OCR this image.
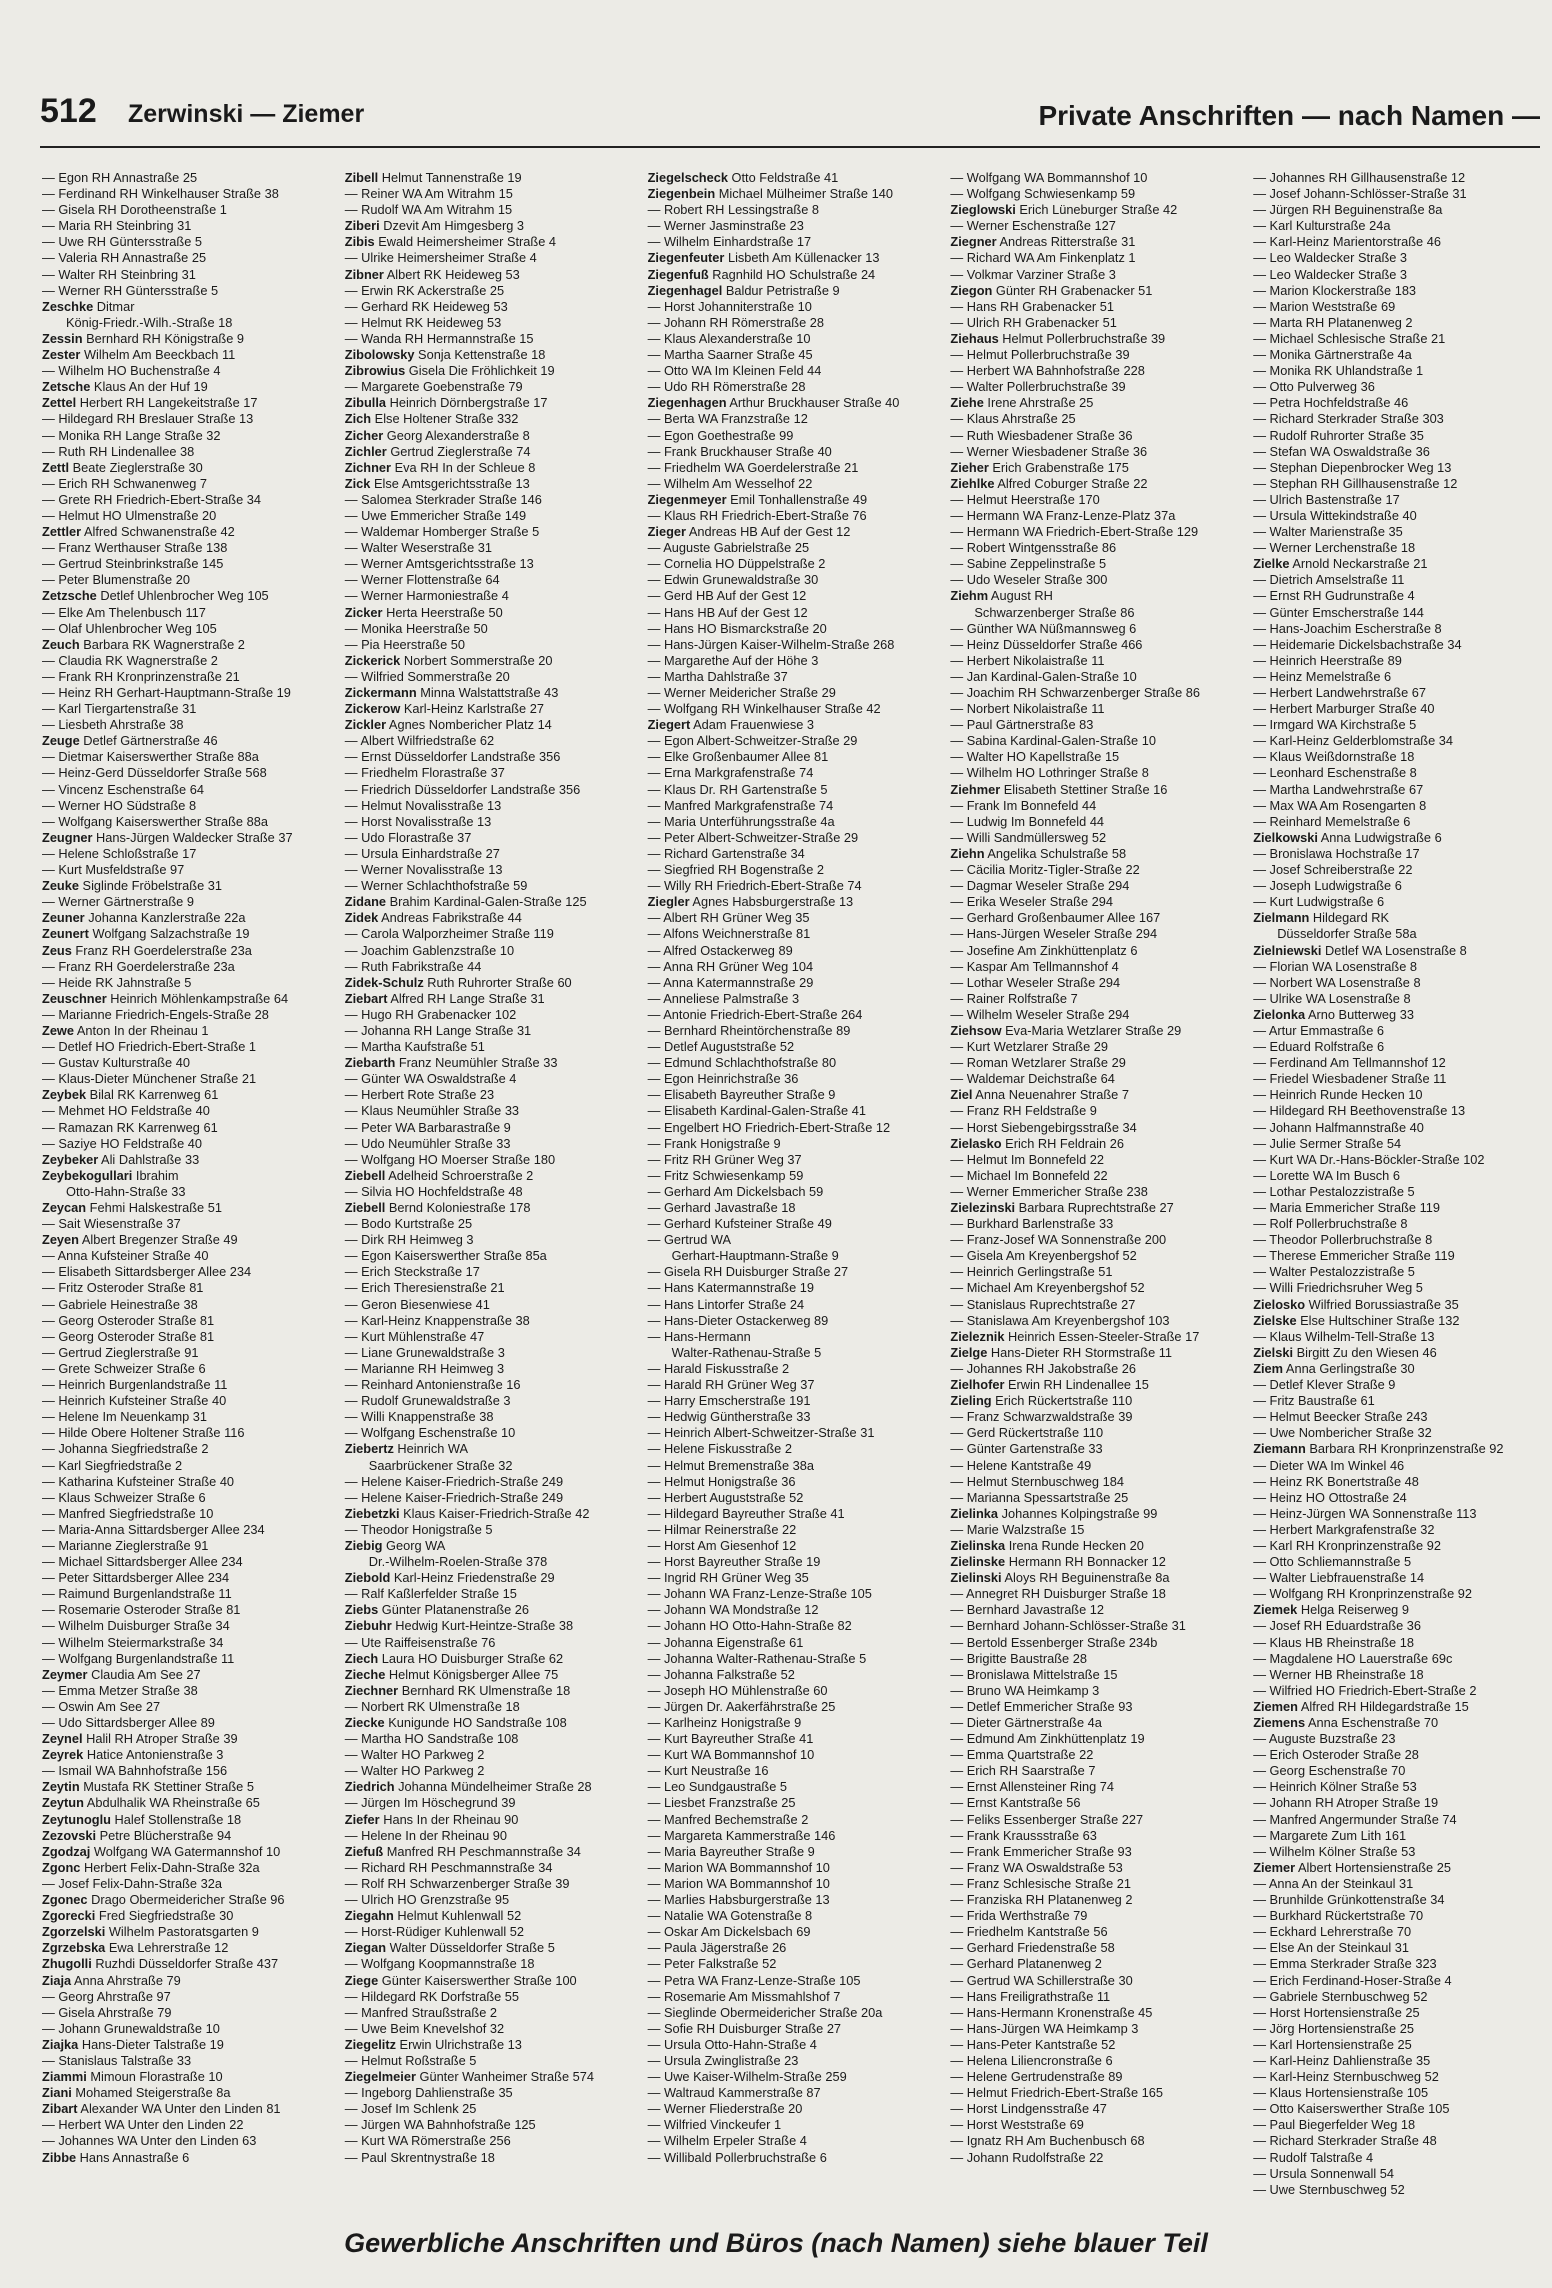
512 Zerwinski — Ziemer	Private Anschriften — nach Namen —
— Egon RH Annastraße 25
— Ferdinand RH Winkelhauser Straße 38
— Gisela RH Dorotheenstraße 1
— Maria RH Steinbring 31
— Uwe RH Güntersstraße 5
— Valeria RH Annastraße 25
— Walter RH Steinbring 31
— Werner RH Güntersstraße 5
Zeschke Ditmar
König-Friedr.-Wilh.-Straße 18
Zessin Bernhard RH Königstraße 9
Zester Wilhelm Am Beeckbach 11
— Wilhelm HO Buchenstraße 4
Zetsche Klaus An der Huf 19
Zettel Herbert RH Langekeitstraße 17
— Hildegard RH Breslauer Straße 13
— Monika RH Lange Straße 32
— Ruth RH Lindenallee 38
Zettl Beate Zieglerstraße 30
— Erich RH Schwanenweg 7
— Grete RH Friedrich-Ebert-Straße 34
— Helmut HO Ulmenstraße 20
Zettler Alfred Schwanenstraße 42
— Franz Werthauser Straße 138
— Gertrud Steinbrinkstraße 145
— Peter Blumenstraße 20
Zetzsche Detlef Uhlenbrocher Weg 105
— Elke Am Thelenbusch 117
— Olaf Uhlenbrocher Weg 105
Zeuch Barbara RK Wagnerstraße 2
— Claudia RK Wagnerstraße 2
— Frank RH Kronprinzenstraße 21
— Heinz RH Gerhart-Hauptmann-Straße 19
— Karl Tiergartenstraße 31
— Liesbeth Ahrstraße 38
Zeuge Detlef Gärtnerstraße 46
— Dietmar Kaiserswerther Straße 88a
— Heinz-Gerd Düsseldorfer Straße 568
— Vincenz Eschenstraße 64
— Werner HO Südstraße 8
— Wolfgang Kaiserswerther Straße 88a
Zeugner Hans-Jürgen Waldecker Straße 37
— Helene Schloßstraße 17
— Kurt Musfeldstraße 97
Zeuke Siglinde Fröbelstraße 31
— Werner Gärtnerstraße 9
Zeuner Johanna Kanzlerstraße 22a
Zeunert Wolfgang Salzachstraße 19
Zeus Franz RH Goerdelerstraße 23a
— Franz RH Goerdelerstraße 23a
— Heide RK Jahnstraße 5
Zeuschner Heinrich Möhlenkampstraße 64
— Marianne Friedrich-Engels-Straße 28
Zewe Anton In der Rheinau 1
— Detlef HO Friedrich-Ebert-Straße 1
— Gustav Kulturstraße 40
— Klaus-Dieter Münchener Straße 21
Zeybek Bilal RK Karrenweg 61
— Mehmet HO Feldstraße 40
— Ramazan RK Karrenweg 61
— Saziye HO Feldstraße 40
Zeybeker Ali Dahlstraße 33
Zeybekogullari Ibrahim
Otto-Hahn-Straße 33
Zeycan Fehmi Halskestraße 51
— Sait Wiesenstraße 37
Zeyen Albert Bregenzer Straße 49
— Anna Kufsteiner Straße 40
— Elisabeth Sittardsberger Allee 234
— Fritz Osteroder Straße 81
— Gabriele Heinestraße 38
— Georg Osteroder Straße 81
— Georg Osteroder Straße 81
— Gertrud Zieglerstraße 91
— Grete Schweizer Straße 6
— Heinrich Burgenlandstraße 11
— Heinrich Kufsteiner Straße 40
— Helene Im Neuenkamp 31
— Hilde Obere Holtener Straße 116
— Johanna Siegfriedstraße 2
— Karl Siegfriedstraße 2
— Katharina Kufsteiner Straße 40
— Klaus Schweizer Straße 6
— Manfred Siegfriedstraße 10
— Maria-Anna Sittardsberger Allee 234
— Marianne Zieglerstraße 91
— Michael Sittardsberger Allee 234
— Peter Sittardsberger Allee 234
— Raimund Burgenlandstraße 11
— Rosemarie Osteroder Straße 81
— Wilhelm Duisburger Straße 34
— Wilhelm Steiermarkstraße 34
— Wolfgang Burgenlandstraße 11
Zeymer Claudia Am See 27
— Emma Metzer Straße 38
— Oswin Am See 27
— Udo Sittardsberger Allee 89
Zeynel Halil RH Atroper Straße 39
Zeyrek Hatice Antonienstraße 3
— Ismail WA Bahnhofstraße 156
Zeytin Mustafa RK Stettiner Straße 5
Zeytun Abdulhalik WA Rheinstraße 65
Zeytunoglu Halef Stollenstraße 18
Zezovski Petre Blücherstraße 94
Zgodzaj Wolfgang WA Gatermannshof 10
Zgonc Herbert Felix-Dahn-Straße 32a
— Josef Felix-Dahn-Straße 32a
Zgonec Drago Obermeidericher Straße 96
Zgorecki Fred Siegfriedstraße 30
Zgorzelski Wilhelm Pastoratsgarten 9
Zgrzebska Ewa Lehrerstraße 12
Zhugolli Ruzhdi Düsseldorfer Straße 437
Ziaja Anna Ahrstraße 79
— Georg Ahrstraße 97
— Gisela Ahrstraße 79
— Johann Grunewaldstraße 10
Ziajka Hans-Dieter Talstraße 19
— Stanislaus Talstraße 33
Ziammi Mimoun Florastraße 10
Ziani Mohamed Steigerstraße 8a
Zibart Alexander WA Unter den Linden 81
— Herbert WA Unter den Linden 22
— Johannes WA Unter den Linden 63
Zibbe Hans Annastraße 6
Zibell Helmut Tannenstraße 19
— Reiner WA Am Witrahm 15
— Rudolf WA Am Witrahm 15
Ziberi Dzevit Am Himgesberg 3
Zibis Ewald Heimersheimer Straße 4
— Ulrike Heimersheimer Straße 4
Zibner Albert RK Heideweg 53
— Erwin RK Ackerstraße 25
— Gerhard RK Heideweg 53
— Helmut RK Heideweg 53
— Wanda RH Hermannstraße 15
Zibolowsky Sonja Kettenstraße 18
Zibrowius Gisela Die Fröhlichkeit 19
— Margarete Goebenstraße 79
Zibulla Heinrich Dörnbergstraße 17
Zich Else Holtener Straße 332
Zicher Georg Alexanderstraße 8
Zichler Gertrud Zieglerstraße 74
Zichner Eva RH In der Schleue 8
Zick Else Amtsgerichtsstraße 13
— Salomea Sterkrader Straße 146
— Uwe Emmericher Straße 149
— Waldemar Homberger Straße 5
— Walter Weserstraße 31
— Werner Amtsgerichtsstraße 13
— Werner Flottenstraße 64
— Werner Harmoniestraße 4
Zicker Herta Heerstraße 50
— Monika Heerstraße 50
— Pia Heerstraße 50
Zickerick Norbert Sommerstraße 20
— Wilfried Sommerstraße 20
Zickermann Minna Walstattstraße 43
Zickerow Karl-Heinz Karlstraße 27
Zickler Agnes Nombericher Platz 14
— Albert Wilfriedstraße 62
— Ernst Düsseldorfer Landstraße 356
— Friedhelm Florastraße 37
— Friedrich Düsseldorfer Landstraße 356
— Helmut Novalisstraße 13
— Horst Novalisstraße 13
— Udo Florastraße 37
— Ursula Einhardstraße 27
— Werner Novalisstraße 13
— Werner Schlachthofstraße 59
Zidane Brahim Kardinal-Galen-Straße 125
Zidek Andreas Fabrikstraße 44
— Carola Walporzheimer Straße 119
— Joachim Gablenzstraße 10
— Ruth Fabrikstraße 44
Zidek-Schulz Ruth Ruhrorter Straße 60
Ziebart Alfred RH Lange Straße 31
— Hugo RH Grabenacker 102
— Johanna RH Lange Straße 31
— Martha Kaufstraße 51
Ziebarth Franz Neumühler Straße 33
— Günter WA Oswaldstraße 4
— Herbert Rote Straße 23
— Klaus Neumühler Straße 33
— Peter WA Barbarastraße 9
— Udo Neumühler Straße 33
— Wolfgang HO Moerser Straße 180
Ziebell Adelheid Schroerstraße 2
— Silvia HO Hochfeldstraße 48
Ziebell Bernd Koloniestraße 178
— Bodo Kurtstraße 25
— Dirk RH Heimweg 3
— Egon Kaiserswerther Straße 85a
— Erich Steckstraße 17
— Erich Theresienstraße 21
— Geron Biesenwiese 41
— Karl-Heinz Knappenstraße 38
— Kurt Mühlenstraße 47
— Liane Grunewaldstraße 3
— Marianne RH Heimweg 3
— Reinhard Antonienstraße 16
— Rudolf Grunewaldstraße 3
— Willi Knappenstraße 38
— Wolfgang Eschenstraße 10
Ziebertz Heinrich WA
Saarbrückener Straße 32
— Helene Kaiser-Friedrich-Straße 249
— Helene Kaiser-Friedrich-Straße 249
Ziebetzki Klaus Kaiser-Friedrich-Straße 42
— Theodor Honigstraße 5
Ziebig Georg WA
Dr.-Wilhelm-Roelen-Straße 378
Ziebold Karl-Heinz Friedenstraße 29
— Ralf Kaßlerfelder Straße 15
Ziebs Günter Platanenstraße 26
Ziebuhr Hedwig Kurt-Heintze-Straße 38
— Ute Raiffeisenstraße 76
Ziech Laura HO Duisburger Straße 62
Zieche Helmut Königsberger Allee 75
Ziechner Bernhard RK Ulmenstraße 18
— Norbert RK Ulmenstraße 18
Ziecke Kunigunde HO Sandstraße 108
— Martha HO Sandstraße 108
— Walter HO Parkweg 2
— Walter HO Parkweg 2
Ziedrich Johanna Mündelheimer Straße 28
— Jürgen Im Höschegrund 39
Ziefer Hans In der Rheinau 90
— Helene In der Rheinau 90
Ziefuß Manfred RH Peschmannstraße 34
— Richard RH Peschmannstraße 34
— Rolf RH Schwarzenberger Straße 39
— Ulrich HO Grenzstraße 95
Ziegahn Helmut Kuhlenwall 52
— Horst-Rüdiger Kuhlenwall 52
Ziegan Walter Düsseldorfer Straße 5
— Wolfgang Koopmannstraße 18
Ziege Günter Kaiserswerther Straße 100
— Hildegard RK Dorfstraße 55
— Manfred Straußstraße 2
— Uwe Beim Knevelshof 32
Ziegelitz Erwin Ulrichstraße 13
— Helmut Roßstraße 5
Ziegelmeier Günter Wanheimer Straße 574
— Ingeborg Dahlienstraße 35
— Josef Im Schlenk 25
— Jürgen WA Bahnhofstraße 125
— Kurt WA Römerstraße 256
— Paul Skrentnystraße 18
Ziegelscheck Otto Feldstraße 41
Ziegenbein Michael Mülheimer Straße 140
— Robert RH Lessingstraße 8
— Werner Jasminstraße 23
— Wilhelm Einhardstraße 17
Ziegenfeuter Lisbeth Am Küllenacker 13
Ziegenfuß Ragnhild HO Schulstraße 24
Ziegenhagel Baldur Petristraße 9
— Horst Johanniterstraße 10
— Johann RH Römerstraße 28
— Klaus Alexanderstraße 10
— Martha Saarner Straße 45
— Otto WA Im Kleinen Feld 44
— Udo RH Römerstraße 28
Ziegenhagen Arthur Bruckhauser Straße 40
— Berta WA Franzstraße 12
— Egon Goethestraße 99
— Frank Bruckhauser Straße 40
— Friedhelm WA Goerdelerstraße 21
— Wilhelm Am Wesselhof 22
Ziegenmeyer Emil Tonhallenstraße 49
— Klaus RH Friedrich-Ebert-Straße 76
Zieger Andreas HB Auf der Gest 12
— Auguste Gabrielstraße 25
— Cornelia HO Düppelstraße 2
— Edwin Grunewaldstraße 30
— Gerd HB Auf der Gest 12
— Hans HB Auf der Gest 12
— Hans HO Bismarckstraße 20
— Hans-Jürgen Kaiser-Wilhelm-Straße 268
— Margarethe Auf der Höhe 3
— Martha Dahlstraße 37
— Werner Meidericher Straße 29
— Wolfgang RH Winkelhauser Straße 42
Ziegert Adam Frauenwiese 3
— Egon Albert-Schweitzer-Straße 29
— Elke Großenbaumer Allee 81
— Erna Markgrafenstraße 74
— Klaus Dr. RH Gartenstraße 5
— Manfred Markgrafenstraße 74
— Maria Unterführungsstraße 4a
— Peter Albert-Schweitzer-Straße 29
— Richard Gartenstraße 34
— Siegfried RH Bogenstraße 2
— Willy RH Friedrich-Ebert-Straße 74
Ziegler Agnes Habsburgerstraße 13
— Albert RH Grüner Weg 35
— Alfons Weichnerstraße 81
— Alfred Ostackerweg 89
— Anna RH Grüner Weg 104
— Anna Katermannstraße 29
— Anneliese Palmstraße 3
— Antonie Friedrich-Ebert-Straße 264
— Bernhard Rheintörchenstraße 89
— Detlef Auguststraße 52
— Edmund Schlachthofstraße 80
— Egon Heinrichstraße 36
— Elisabeth Bayreuther Straße 9
— Elisabeth Kardinal-Galen-Straße 41
— Engelbert HO Friedrich-Ebert-Straße 12
— Frank Honigstraße 9
— Fritz RH Grüner Weg 37
— Fritz Schwiesenkamp 59
— Gerhard Am Dickelsbach 59
— Gerhard Javastraße 18
— Gerhard Kufsteiner Straße 49
— Gertrud WA
Gerhart-Hauptmann-Straße 9
— Gisela RH Duisburger Straße 27
— Hans Katermannstraße 19
— Hans Lintorfer Straße 24
— Hans-Dieter Ostackerweg 89
— Hans-Hermann
Walter-Rathenau-Straße 5
— Harald Fiskusstraße 2
— Harald RH Grüner Weg 37
— Harry Emscherstraße 191
— Hedwig Güntherstraße 33
— Heinrich Albert-Schweitzer-Straße 31
— Helene Fiskusstraße 2
— Helmut Bremenstraße 38a
— Helmut Honigstraße 36
— Herbert Auguststraße 52
— Hildegard Bayreuther Straße 41
— Hilmar Reinerstraße 22
— Horst Am Giesenhof 12
— Horst Bayreuther Straße 19
— Ingrid RH Grüner Weg 35
— Johann WA Franz-Lenze-Straße 105
— Johann WA Mondstraße 12
— Johann HO Otto-Hahn-Straße 82
— Johanna Eigenstraße 61
— Johanna Walter-Rathenau-Straße 5
— Johanna Falkstraße 52
— Joseph HO Mühlenstraße 60
— Jürgen Dr. Aakerfährstraße 25
— Karlheinz Honigstraße 9
— Kurt Bayreuther Straße 41
— Kurt WA Bommannshof 10
— Kurt Neustraße 16
— Leo Sundgaustraße 5
— Liesbet Franzstraße 25
— Manfred Bechemstraße 2
— Margareta Kammerstraße 146
— Maria Bayreuther Straße 9
— Marion WA Bommannshof 10
— Marion WA Bommannshof 10
— Marlies Habsburgerstraße 13
— Natalie WA Gotenstraße 8
— Oskar Am Dickelsbach 69
— Paula Jägerstraße 26
— Peter Falkstraße 52
— Petra WA Franz-Lenze-Straße 105
— Rosemarie Am Missmahlshof 7
— Sieglinde Obermeidericher Straße 20a
— Sofie RH Duisburger Straße 27
— Ursula Otto-Hahn-Straße 4
— Ursula Zwinglistraße 23
— Uwe Kaiser-Wilhelm-Straße 259
— Waltraud Kammerstraße 87
— Werner Fliederstraße 20
— Wilfried Vinckeufer 1
— Wilhelm Erpeler Straße 4
— Willibald Pollerbruchstraße 6
— Wolfgang WA Bommannshof 10
— Wolfgang Schwiesenkamp 59
Zieglowski Erich Lüneburger Straße 42
— Werner Eschenstraße 127
Ziegner Andreas Ritterstraße 31
— Richard WA Am Finkenplatz 1
— Volkmar Varziner Straße 3
Ziegon Günter RH Grabenacker 51
— Hans RH Grabenacker 51
— Ulrich RH Grabenacker 51
Ziehaus Helmut Pollerbruchstraße 39
— Helmut Pollerbruchstraße 39
— Herbert WA Bahnhofstraße 228
— Walter Pollerbruchstraße 39
Ziehe Irene Ahrstraße 25
— Klaus Ahrstraße 25
— Ruth Wiesbadener Straße 36
— Werner Wiesbadener Straße 36
Zieher Erich Grabenstraße 175
Ziehlke Alfred Coburger Straße 22
— Helmut Heerstraße 170
— Hermann WA Franz-Lenze-Platz 37a
— Hermann WA Friedrich-Ebert-Straße 129
— Robert Wintgensstraße 86
— Sabine Zeppelinstraße 5
— Udo Weseler Straße 300
Ziehm August RH
Schwarzenberger Straße 86
— Günther WA Nüßmannsweg 6
— Heinz Düsseldorfer Straße 466
— Herbert Nikolaistraße 11
— Jan Kardinal-Galen-Straße 10
— Joachim RH Schwarzenberger Straße 86
— Norbert Nikolaistraße 11
— Paul Gärtnerstraße 83
— Sabina Kardinal-Galen-Straße 10
— Walter HO Kapellstraße 15
— Wilhelm HO Lothringer Straße 8
Ziehmer Elisabeth Stettiner Straße 16
— Frank Im Bonnefeld 44
— Ludwig Im Bonnefeld 44
— Willi Sandmüllersweg 52
Ziehn Angelika Schulstraße 58
— Cäcilia Moritz-Tigler-Straße 22
— Dagmar Weseler Straße 294
— Erika Weseler Straße 294
— Gerhard Großenbaumer Allee 167
— Hans-Jürgen Weseler Straße 294
— Josefine Am Zinkhüttenplatz 6
— Kaspar Am Tellmannshof 4
— Lothar Weseler Straße 294
— Rainer Rolfstraße 7
— Wilhelm Weseler Straße 294
Ziehsow Eva-Maria Wetzlarer Straße 29
— Kurt Wetzlarer Straße 29
— Roman Wetzlarer Straße 29
— Waldemar Deichstraße 64
Ziel Anna Neuenahrer Straße 7
— Franz RH Feldstraße 9
— Horst Siebengebirgsstraße 34
Zielasko Erich RH Feldrain 26
— Helmut Im Bonnefeld 22
— Michael Im Bonnefeld 22
— Werner Emmericher Straße 238
Zielezinski Barbara Ruprechtstraße 27
— Burkhard Barlenstraße 33
— Franz-Josef WA Sonnenstraße 200
— Gisela Am Kreyenbergshof 52
— Heinrich Gerlingstraße 51
— Michael Am Kreyenbergshof 52
— Stanislaus Ruprechtstraße 27
— Stanislawa Am Kreyenbergshof 103
Zieleznik Heinrich Essen-Steeler-Straße 17
Zielge Hans-Dieter RH Stormstraße 11
— Johannes RH Jakobstraße 26
Zielhofer Erwin RH Lindenallee 15
Zieling Erich Rückertstraße 110
— Franz Schwarzwaldstraße 39
— Gerd Rückertstraße 110
— Günter Gartenstraße 33
— Helene Kantstraße 49
— Helmut Sternbuschweg 184
— Marianna Spessartstraße 25
Zielinka Johannes Kolpingstraße 99
— Marie Walzstraße 15
Zielinska Irena Runde Hecken 20
Zielinske Hermann RH Bonnacker 12
Zielinski Aloys RH Beguinenstraße 8a
— Annegret RH Duisburger Straße 18
— Bernhard Javastraße 12
— Bernhard Johann-Schlösser-Straße 31
— Bertold Essenberger Straße 234b
— Brigitte Baustraße 28
— Bronislawa Mittelstraße 15
— Bruno WA Heimkamp 3
— Detlef Emmericher Straße 93
— Dieter Gärtnerstraße 4a
— Edmund Am Zinkhüttenplatz 19
— Emma Quartstraße 22
— Erich RH Saarstraße 7
— Ernst Allensteiner Ring 74
— Ernst Kantstraße 56
— Feliks Essenberger Straße 227
— Frank Kraussstraße 63
— Frank Emmericher Straße 93
— Franz WA Oswaldstraße 53
— Franz Schlesische Straße 21
— Franziska RH Platanenweg 2
— Frida Werthstraße 79
— Friedhelm Kantstraße 56
— Gerhard Friedenstraße 58
— Gerhard Platanenweg 2
— Gertrud WA Schillerstraße 30
— Hans Freiligrathstraße 11
— Hans-Hermann Kronenstraße 45
— Hans-Jürgen WA Heimkamp 3
— Hans-Peter Kantstraße 52
— Helena Liliencronstraße 6
— Helene Gertrudenstraße 89
— Helmut Friedrich-Ebert-Straße 165
— Horst Lindgensstraße 47
— Horst Weststraße 69
— Ignatz RH Am Buchenbusch 68
— Johann Rudolfstraße 22
— Johannes RH Gillhausenstraße 12
— Josef Johann-Schlösser-Straße 31
— Jürgen RH Beguinenstraße 8a
— Karl Kulturstraße 24a
— Karl-Heinz Marientorstraße 46
— Leo Waldecker Straße 3
— Leo Waldecker Straße 3
— Marion Klockerstraße 183
— Marion Weststraße 69
— Marta RH Platanenweg 2
— Michael Schlesische Straße 21
— Monika Gärtnerstraße 4a
— Monika RK Uhlandstraße 1
— Otto Pulverweg 36
— Petra Hochfeldstraße 46
— Richard Sterkrader Straße 303
— Rudolf Ruhrorter Straße 35
— Stefan WA Oswaldstraße 36
— Stephan Diepenbrocker Weg 13
— Stephan RH Gillhausenstraße 12
— Ulrich Bastenstraße 17
— Ursula Wittekindstraße 40
— Walter Marienstraße 35
— Werner Lerchenstraße 18
Zielke Arnold Neckarstraße 21
— Dietrich Amselstraße 11
— Ernst RH Gudrunstraße 4
— Günter Emscherstraße 144
— Hans-Joachim Escherstraße 8
— Heidemarie Dickelsbachstraße 34
— Heinrich Heerstraße 89
— Heinz Memelstraße 6
— Herbert Landwehrstraße 67
— Herbert Marburger Straße 40
— Irmgard WA Kirchstraße 5
— Karl-Heinz Gelderblomstraße 34
— Klaus Weißdornstraße 18
— Leonhard Eschenstraße 8
— Martha Landwehrstraße 67
— Max WA Am Rosengarten 8
— Reinhard Memelstraße 6
Zielkowski Anna Ludwigstraße 6
— Bronislawa Hochstraße 17
— Josef Schreiberstraße 22
— Joseph Ludwigstraße 6
— Kurt Ludwigstraße 6
Zielmann Hildegard RK
Düsseldorfer Straße 58a
Zielniewski Detlef WA Losenstraße 8
— Florian WA Losenstraße 8
— Norbert WA Losenstraße 8
— Ulrike WA Losenstraße 8
Zielonka Arno Butterweg 33
— Artur Emmastraße 6
— Eduard Rolfstraße 6
— Ferdinand Am Tellmannshof 12
— Friedel Wiesbadener Straße 11
— Heinrich Runde Hecken 10
— Hildegard RH Beethovenstraße 13
— Johann Halfmannstraße 40
— Julie Sermer Straße 54
— Kurt WA Dr.-Hans-Böckler-Straße 102
— Lorette WA Im Busch 6
— Lothar Pestalozzistraße 5
— Maria Emmericher Straße 119
— Rolf Pollerbruchstraße 8
— Theodor Pollerbruchstraße 8
— Therese Emmericher Straße 119
— Walter Pestalozzistraße 5
— Willi Friedrichsruher Weg 5
Zielosko Wilfried Borussiastraße 35
Zielske Else Hultschiner Straße 132
— Klaus Wilhelm-Tell-Straße 13
Zielski Birgitt Zu den Wiesen 46
Ziem Anna Gerlingstraße 30
— Detlef Klever Straße 9
— Fritz Baustraße 61
— Helmut Beecker Straße 243
— Uwe Nombericher Straße 32
Ziemann Barbara RH Kronprinzenstraße 92
— Dieter WA Im Winkel 46
— Heinz RK Bonertstraße 48
— Heinz HO Ottostraße 24
— Heinz-Jürgen WA Sonnenstraße 113
— Herbert Markgrafenstraße 32
— Karl RH Kronprinzenstraße 92
— Otto Schliemannstraße 5
— Walter Liebfrauenstraße 14
— Wolfgang RH Kronprinzenstraße 92
Ziemek Helga Reiserweg 9
— Josef RH Eduardstraße 36
— Klaus HB Rheinstraße 18
— Magdalene HO Lauerstraße 69c
— Werner HB Rheinstraße 18
— Wilfried HO Friedrich-Ebert-Straße 2
Ziemen Alfred RH Hildegardstraße 15
Ziemens Anna Eschenstraße 70
— Auguste Buzstraße 23
— Erich Osteroder Straße 28
— Georg Eschenstraße 70
— Heinrich Kölner Straße 53
— Johann RH Atroper Straße 19
— Manfred Angermunder Straße 74
— Margarete Zum Lith 161
— Wilhelm Kölner Straße 53
Ziemer Albert Hortensienstraße 25
— Anna An der Steinkaul 31
— Brunhilde Grünkottenstraße 34
— Burkhard Rückertstraße 70
— Eckhard Lehrerstraße 70
— Else An der Steinkaul 31
— Emma Sterkrader Straße 323
— Erich Ferdinand-Hoser-Straße 4
— Gabriele Sternbuschweg 52
— Horst Hortensienstraße 25
— Jörg Hortensienstraße 25
— Karl Hortensienstraße 25
— Karl-Heinz Dahlienstraße 35
— Karl-Heinz Sternbuschweg 52
— Klaus Hortensienstraße 105
— Otto Kaiserswerther Straße 105
— Paul Biegerfelder Weg 18
— Richard Sterkrader Straße 48
— Rudolf Talstraße 4
— Ursula Sonnenwall 54
— Uwe Sternbuschweg 52
Gewerbliche Anschriften und Büros (nach Namen) siehe blauer Teil
